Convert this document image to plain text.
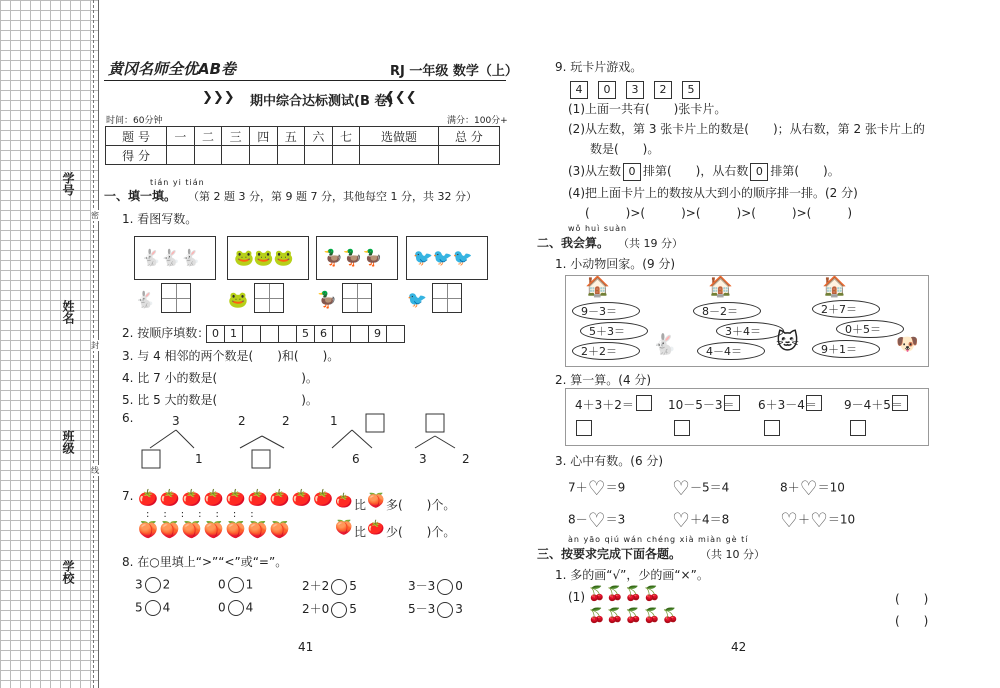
学号
姓名
班级
学校
密
封
线
黄冈名师全优AB卷	RJ 一年级 数学（上）
❯❯❯ 期中综合达标测试(B 卷)
❮❮❮
时间：60分钟	满分：100分+
题 号	一	二	三	四	五	六	七	选做题	总 分
得 分									
tián yi tián
一、填一填。 （第 2 题 3 分，第 9 题 7 分，其他每空 1 分，共 32 分）
1. 看图写数。
🐇🐇🐇🐇
🐸🐸🐸🐸
🦆🦆🦆🦆
🐦🐦🐦🐦
2. 按顺序填数： 0 1	5 6	9
3. 与 4 相邻的两个数是(　　)和(　　)。
4. 比 7 小的数是(　　　　　　　)。
5. 比 5 大的数是(　　　　　　　)。
6.	3
1
2	2	1
6	3	2
7. 🍅🍅🍅🍅🍅🍅🍅🍅🍅
:::::::
🍑🍑🍑🍑🍑🍑🍑
🍅 比 🍑 多(　　)个。
🍑 比 🍅 少(　　)个。
8. 在○里填上“>”“<”或“=”。
3 2	0 1	2＋2 5	3－3 0
5 4	0 4	2＋0 5	5－3 3
41
9. 玩卡片游戏。
4 0 3 2 5
(1)上面一共有(　　)张卡片。
(2)从左数，第 3 张卡片上的数是(　　)；从右数，第 2 张卡片上的
数是(　　)。
(3)从左数 0 排第(　　)，从右数 0 排第(　　)。
(4)把上面卡片上的数按从大到小的顺序排一排。(2 分)
(　　　)>(　　　)>(　　　)>(　　　)>(　　　)
wǒ huì suàn
二、我会算。 （共 19 分）
1. 小动物回家。(9 分)
🏠	🏠	🏠
9－3＝
5＋3＝
2＋2＝
8－2＝
3＋4＝
4－4＝
2＋7＝
0＋5＝
9＋1＝
🐇	🐱	🐶
2. 算一算。(4 分)
4＋3＋2＝	10－5－3＝ 6＋3－4＝ 9－4＋5＝
3. 心中有数。(6 分)
7＋♡＝9 ♡－5＝4	8＋♡＝10
8－♡＝3 ♡＋4＝8	♡＋♡＝10
àn yāo qiú wán chéng xià miàn gè tí
三、按要求完成下面各题。 （共 10 分）
1. 多的画“√”，少的画“×”。
(1) 🍒🍒🍒🍒
🍒🍒🍒🍒🍒
(　　)
(　　)
42
